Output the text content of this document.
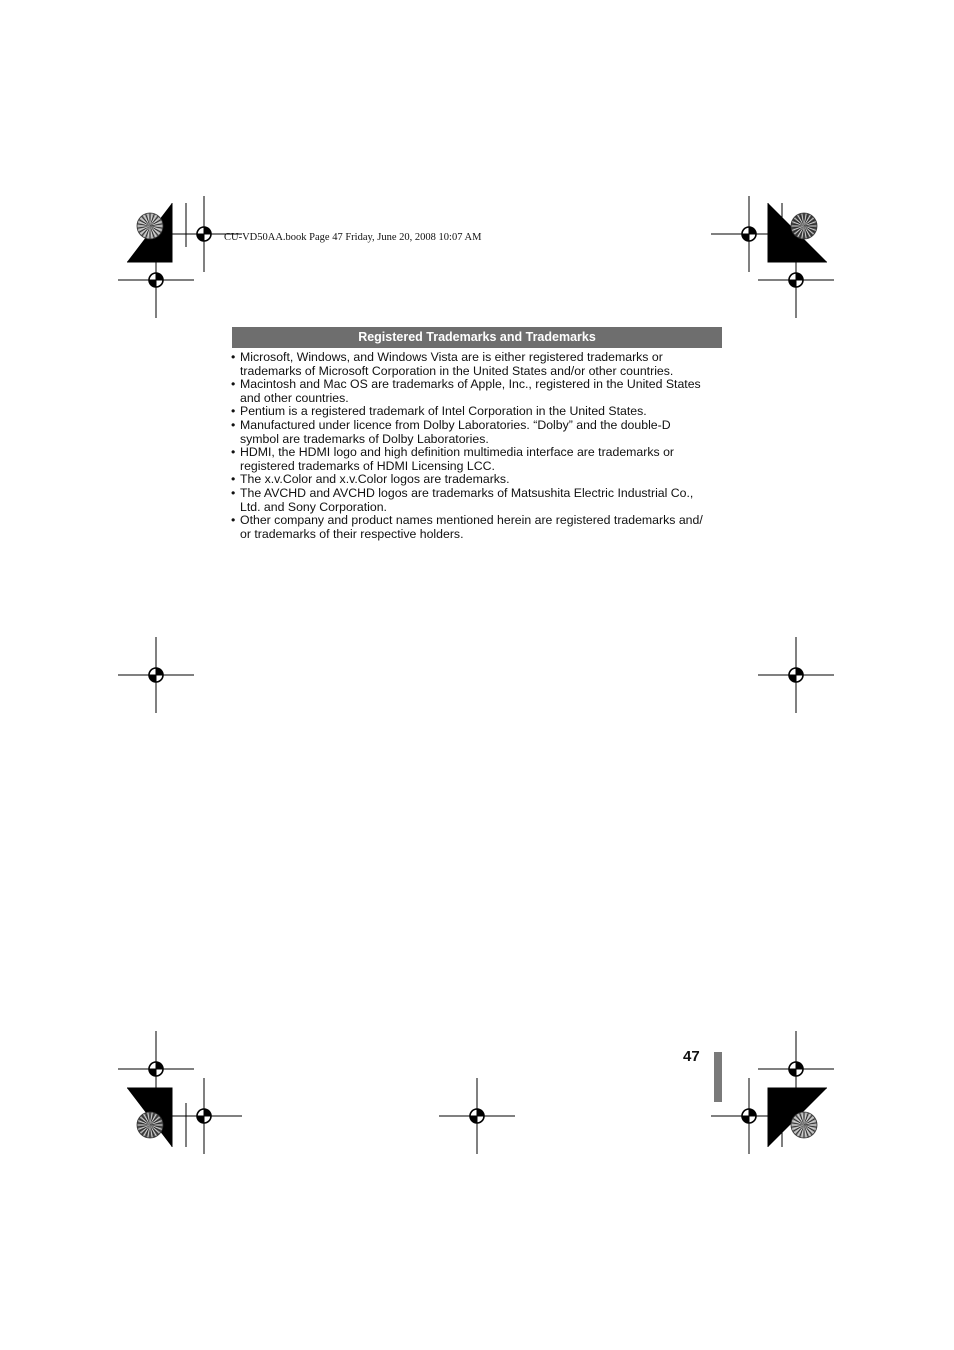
CU-VD50AA.book Page 47 Friday, June 20, 2008 10:07 AM
Registered Trademarks and Trademarks
• Microsoft, Windows, and Windows Vista are is either registered trademarks or
trademarks of Microsoft Corporation in the United States and/or other countries.
• Macintosh and Mac OS are trademarks of Apple, Inc., registered in the United States
and other countries.
• Pentium is a registered trademark of Intel Corporation in the United States.
• Manufactured under licence from Dolby Laboratories. “Dolby” and the double-D
symbol are trademarks of Dolby Laboratories.
• HDMI, the HDMI logo and high definition multimedia interface are trademarks or
registered trademarks of HDMI Licensing LCC.
• The x.v.Color and x.v.Color logos are trademarks.
• The AVCHD and AVCHD logos are trademarks of Matsushita Electric Industrial Co.,
Ltd. and Sony Corporation.
• Other company and product names mentioned herein are registered trademarks and/
or trademarks of their respective holders.
47
